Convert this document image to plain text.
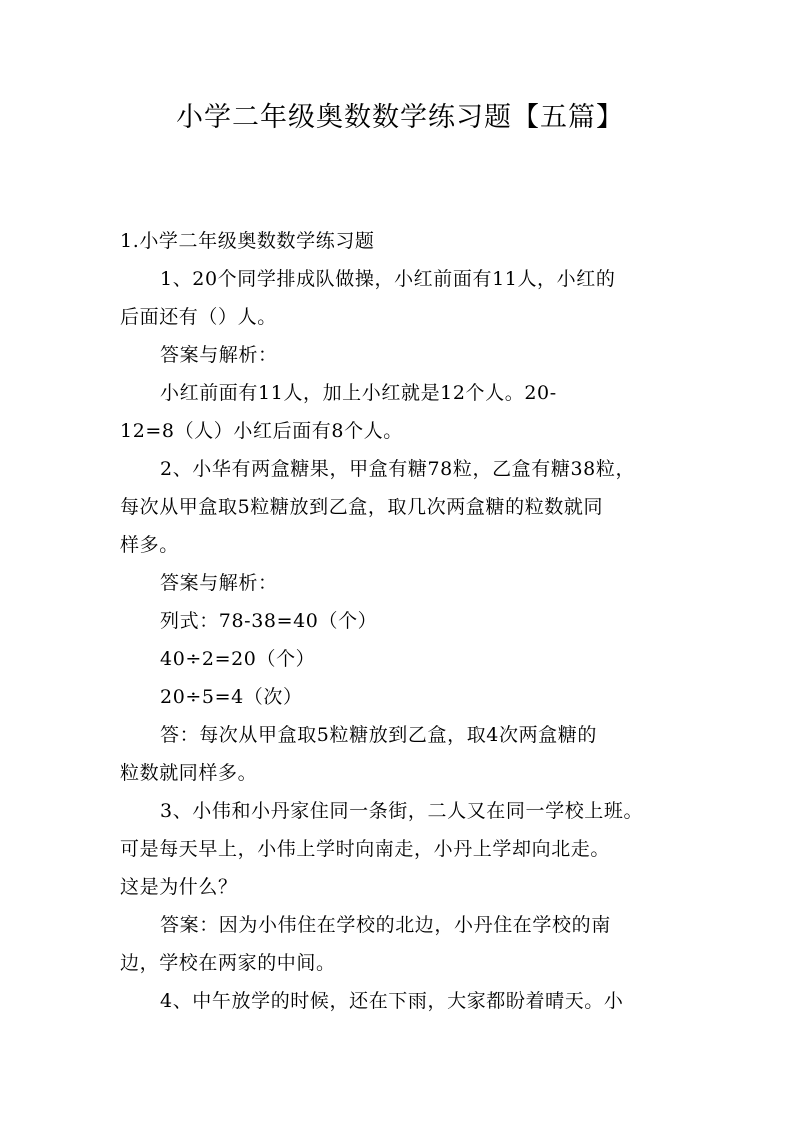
小学二年级奥数数学练习题【五篇】
1.小学二年级奥数数学练习题
1、20个同学排成队做操，小红前面有11人，小红的
后面还有（）人。
答案与解析：
小红前面有11人，加上小红就是12个人。20-
12=8（人）小红后面有8个人。
2、小华有两盒糖果，甲盒有糖78粒，乙盒有糖38粒，
每次从甲盒取5粒糖放到乙盒，取几次两盒糖的粒数就同
样多。
答案与解析：
列式：78-38=40（个）
40÷2=20（个）
20÷5=4（次）
答：每次从甲盒取5粒糖放到乙盒，取4次两盒糖的
粒数就同样多。
3、小伟和小丹家住同一条街，二人又在同一学校上班。
可是每天早上，小伟上学时向南走，小丹上学却向北走。
这是为什么？
答案：因为小伟住在学校的北边，小丹住在学校的南
边，学校在两家的中间。
4、中午放学的时候，还在下雨，大家都盼着晴天。小
